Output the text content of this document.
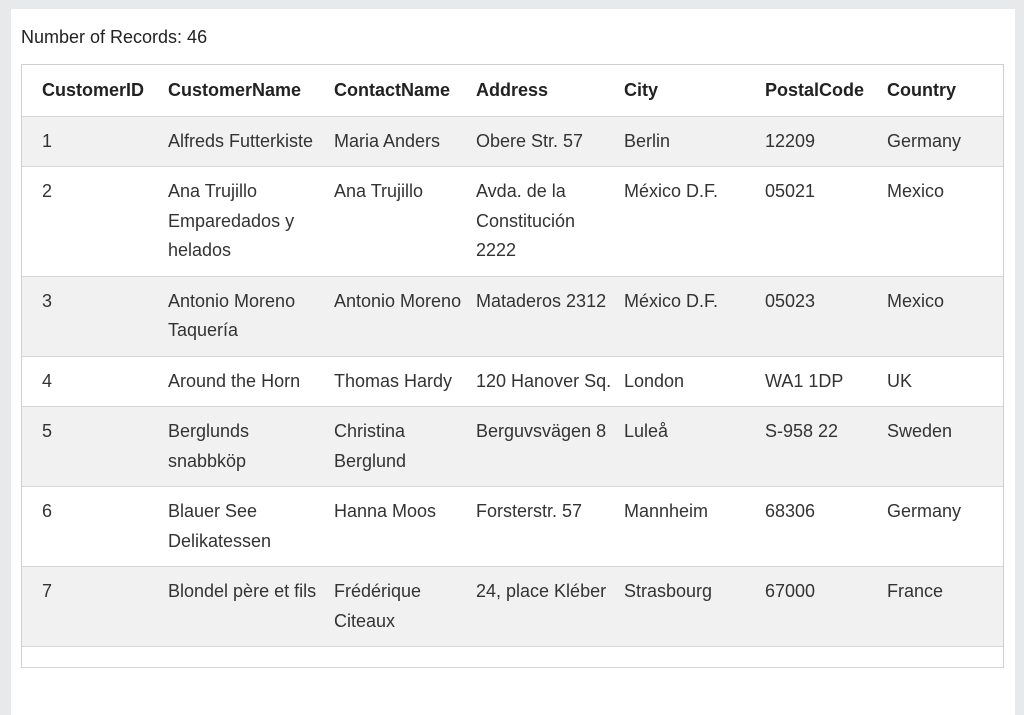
Number of Records: 46
CustomerID	CustomerName	ContactName	Address	City	PostalCode	Country
1	Alfreds Futterkiste	Maria Anders	Obere Str. 57	Berlin	12209	Germany
2	Ana Trujillo Emparedados y helados	Ana Trujillo	Avda. de la Constitución 2222	México D.F.	05021	Mexico
3	Antonio Moreno Taquería	Antonio Moreno	Mataderos 2312	México D.F.	05023	Mexico
4	Around the Horn	Thomas Hardy	120 Hanover Sq.	London	WA1 1DP	UK
5	Berglunds snabbköp	Christina Berglund	Berguvsvägen 8	Luleå	S-958 22	Sweden
6	Blauer See Delikatessen	Hanna Moos	Forsterstr. 57	Mannheim	68306	Germany
7	Blondel père et fils	Frédérique Citeaux	24, place Kléber	Strasbourg	67000	France
